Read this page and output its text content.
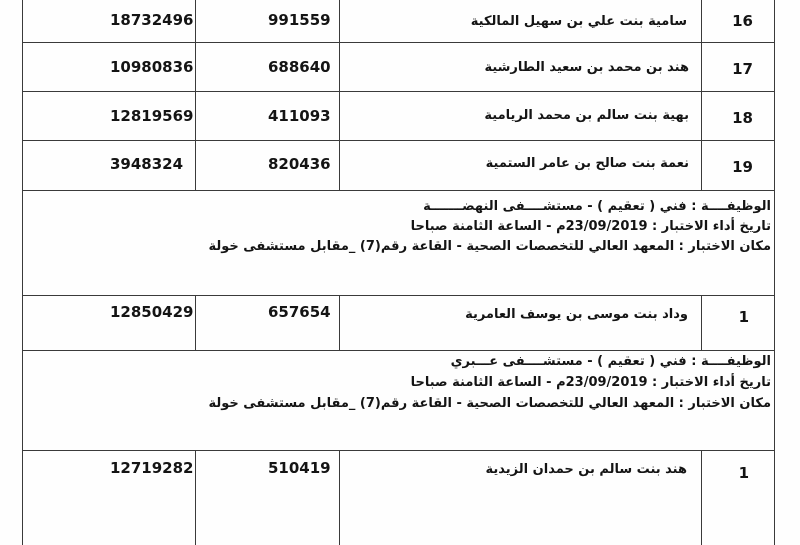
16
سامية بنت علي بن سهيل المالكية
991559
18732496
17
هند بن محمد بن سعيد الطارشية
688640
10980836
18
بهية بنت سالم بن محمد الريامية
411093
12819569
19
نعمة بنت صالح بن عامر الستمية
820436
3948324
الوظيفــــة : فني ( تعقيم ) - مستشــــفى النهضـــــــة
تاريخ أداء الاختبار : 23/09/2019م - الساعة الثامنة صباحا
مكان الاختبار : المعهد العالي للتخصصات الصحية - القاعة رقم(7) _مقابل مستشفى خولة
1
وداد بنت موسى بن يوسف العامرية
657654
12850429
الوظيفــــة : فني ( تعقيم ) - مستشــــفى عـــبري
تاريخ أداء الاختبار : 23/09/2019م - الساعة الثامنة صباحا
مكان الاختبار : المعهد العالي للتخصصات الصحية - القاعة رقم(7) _مقابل مستشفى خولة
1
هند بنت سالم بن حمدان الزيدية
510419
12719282
